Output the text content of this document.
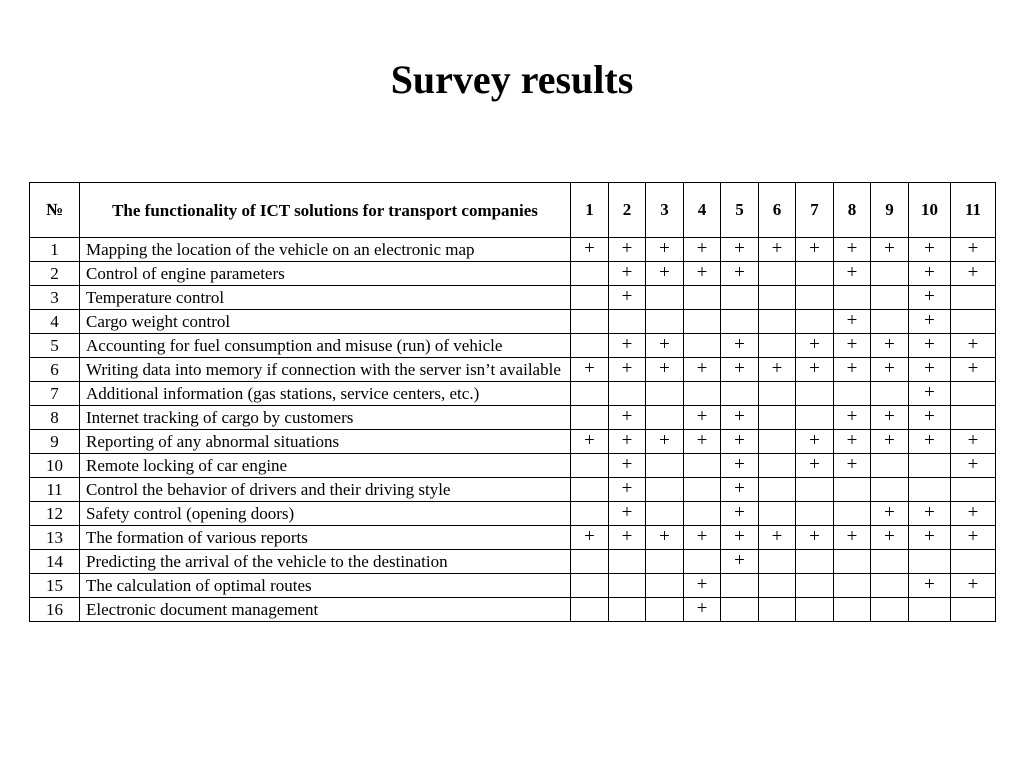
Survey results
№	The functionality of ICT solutions for transport companies	1	2	3	4	5	6	7	8	9	10	11
1	Mapping the location of the vehicle on an electronic map	+	+	+	+	+	+	+	+	+	+	+
2	Control of engine parameters		+	+	+	+			+		+	+
3	Temperature control		+								+	
4	Cargo weight control								+		+	
5	Accounting for fuel consumption and misuse (run) of vehicle		+	+		+		+	+	+	+	+
6	Writing data into memory if connection with the server isn’t available	+	+	+	+	+	+	+	+	+	+	+
7	Additional information (gas stations, service centers, etc.)										+	
8	Internet tracking of cargo by customers		+		+	+			+	+	+	
9	Reporting of any abnormal situations	+	+	+	+	+		+	+	+	+	+
10	Remote locking of car engine		+			+		+	+			+
11	Control the behavior of drivers and their driving style		+			+						
12	Safety control (opening doors)		+			+				+	+	+
13	The formation of various reports	+	+	+	+	+	+	+	+	+	+	+
14	Predicting the arrival of the vehicle to the destination					+						
15	The calculation of optimal routes				+						+	+
16	Electronic document management				+							
